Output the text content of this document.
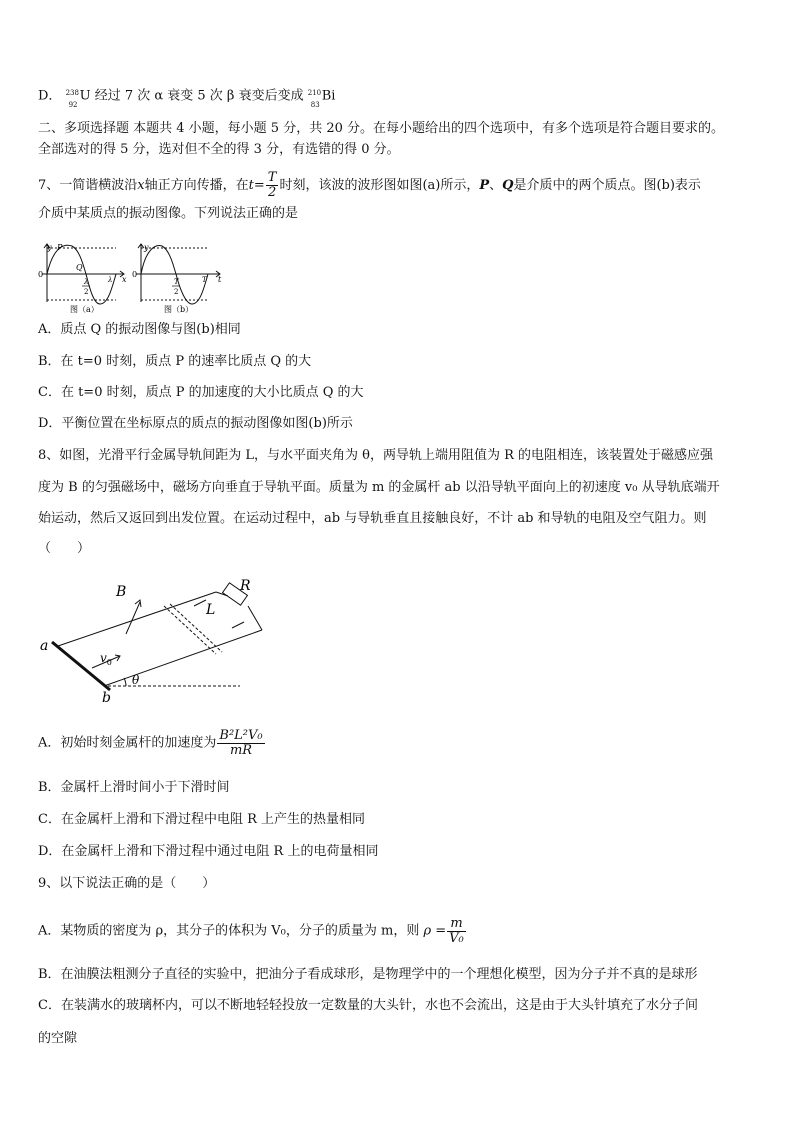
D． 238
92
U 经过 7 次 α 衰变 5 次 β 衰变后变成 210
83
Bi
二、多项选择题 本题共 4 小题，每小题 5 分，共 20 分。在每小题给出的四个选项中，有多个选项是符合题目要求的。
全部选对的得 5 分，选对但不全的得 3 分，有选错的得 0 分。
7、一简谐横波沿x轴正方向传播，在$t= \frac{T}{2}$ 时刻，该波的波形图如图(a)所示，P、Q是介质中的两个质点。图(b)表示
介质中某质点的振动图像。下列说法正确的是
y P
0
Q
λ
2
λ x
图（a）
y
0
T
2
T t
图（b）
A．质点 Q 的振动图像与图(b)相同
B．在 t=0 时刻，质点 P 的速率比质点 Q 的大
C．在 t=0 时刻，质点 P 的加速度的大小比质点 Q 的大
D．平衡位置在坐标原点的质点的振动图像如图(b)所示
8、如图，光滑平行金属导轨间距为 L，与水平面夹角为 θ，两导轨上端用阻值为 R 的电阻相连，该装置处于磁感应强
度为 B 的匀强磁场中，磁场方向垂直于导轨平面。质量为 m 的金属杆 ab 以沿导轨平面向上的初速度 v₀ 从导轨底端开
始运动，然后又返回到出发位置。在运动过程中，ab 与导轨垂直且接触良好，不计 ab 和导轨的电阻及空气阻力。则
（　　）
B	R
L
a
b
$v_0$
θ
A．初始时刻金属杆的加速度为 $\frac{\text{B²L²V₀}}{mR}$
B．金属杆上滑时间小于下滑时间
C．在金属杆上滑和下滑过程中电阻 R 上产生的热量相同
D．在金属杆上滑和下滑过程中通过电阻 R 上的电荷量相同
9、以下说法正确的是（　　）
A．某物质的密度为 ρ，其分子的体积为 V₀，分子的质量为 m，则 $\rho = \frac{m}{\text{V₀}}$
B．在油膜法粗测分子直径的实验中，把油分子看成球形，是物理学中的一个理想化模型，因为分子并不真的是球形
C．在装满水的玻璃杯内，可以不断地轻轻投放一定数量的大头针，水也不会流出，这是由于大头针填充了水分子间
的空隙
